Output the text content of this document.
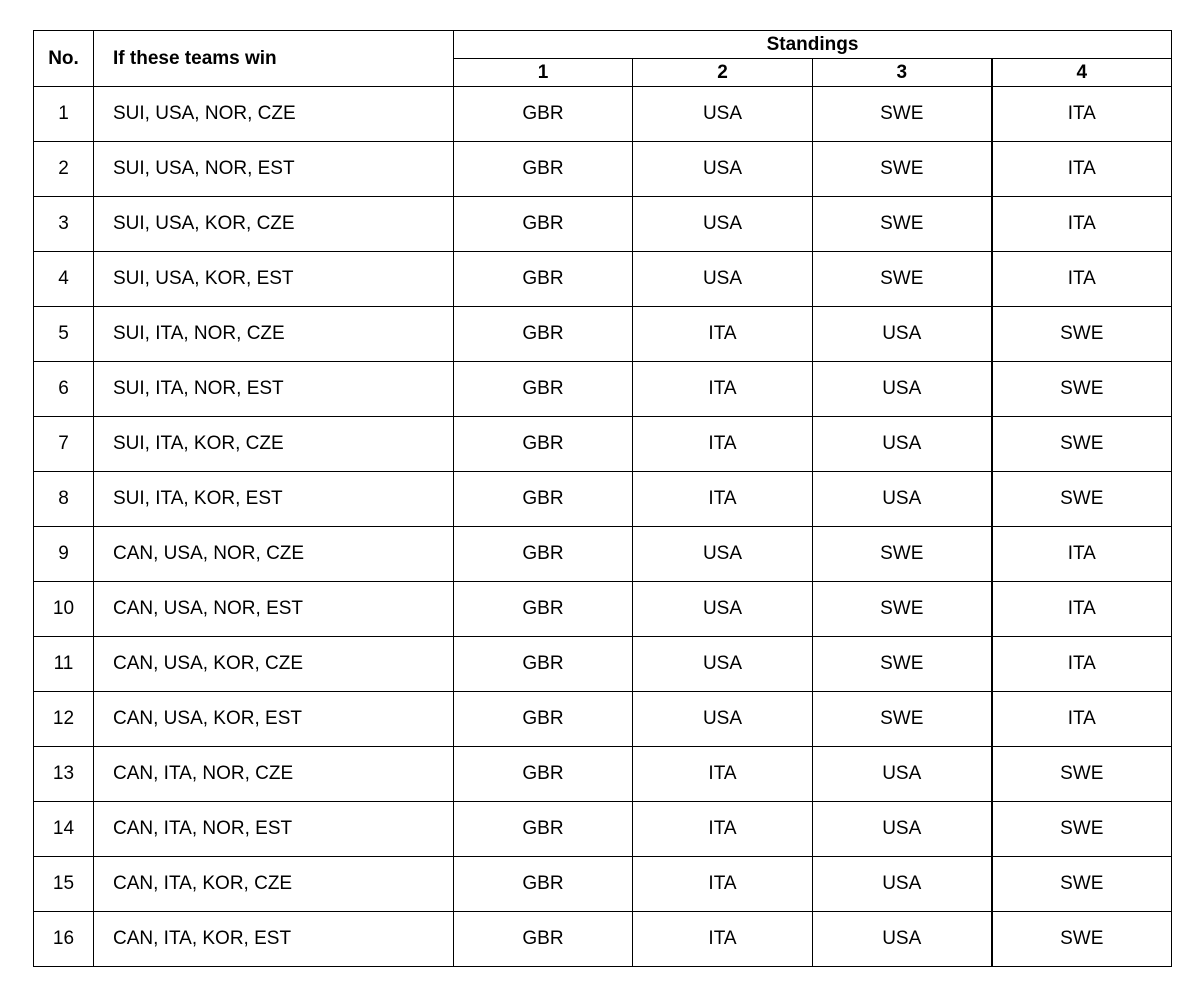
No.	If these teams win	Standings			
		1	2	3	4
1	SUI, USA, NOR, CZE	GBR	USA	SWE	ITA
2	SUI, USA, NOR, EST	GBR	USA	SWE	ITA
3	SUI, USA, KOR, CZE	GBR	USA	SWE	ITA
4	SUI, USA, KOR, EST	GBR	USA	SWE	ITA
5	SUI, ITA, NOR, CZE	GBR	ITA	USA	SWE
6	SUI, ITA, NOR, EST	GBR	ITA	USA	SWE
7	SUI, ITA, KOR, CZE	GBR	ITA	USA	SWE
8	SUI, ITA, KOR, EST	GBR	ITA	USA	SWE
9	CAN, USA, NOR, CZE	GBR	USA	SWE	ITA
10	CAN, USA, NOR, EST	GBR	USA	SWE	ITA
11	CAN, USA, KOR, CZE	GBR	USA	SWE	ITA
12	CAN, USA, KOR, EST	GBR	USA	SWE	ITA
13	CAN, ITA, NOR, CZE	GBR	ITA	USA	SWE
14	CAN, ITA, NOR, EST	GBR	ITA	USA	SWE
15	CAN, ITA, KOR, CZE	GBR	ITA	USA	SWE
16	CAN, ITA, KOR, EST	GBR	ITA	USA	SWE
